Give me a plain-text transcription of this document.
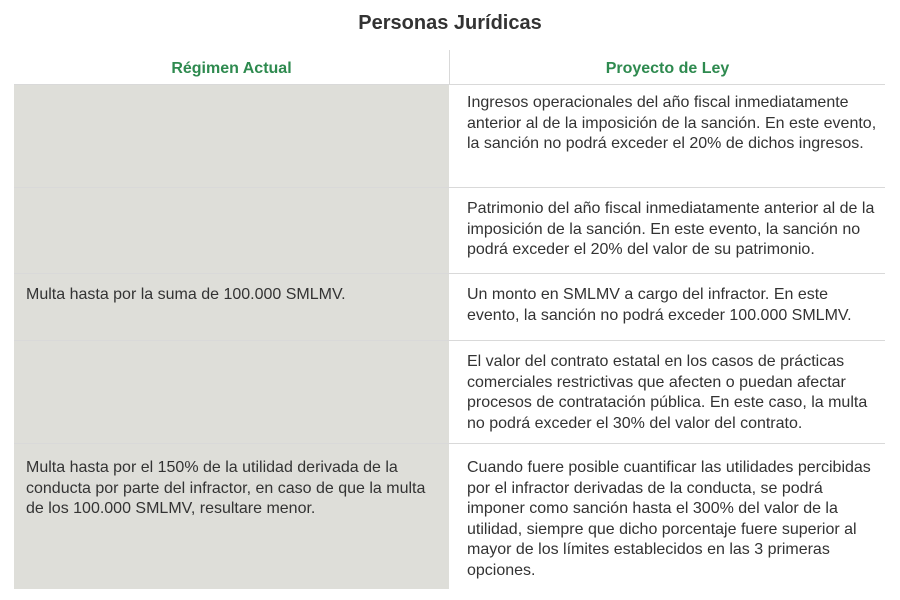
Personas Jurídicas
Régimen Actual	Proyecto de Ley
Ingresos operacionales del año fiscal inmediatamente anterior al de la imposición de la sanción. En este evento, la sanción no podrá exceder el 20% de dichos ingresos.
Patrimonio del año fiscal inmediatamente anterior al de la imposición de la sanción. En este evento, la sanción no podrá exceder el 20% del valor de su patrimonio.
Multa hasta por la suma de 100.000 SMLMV.	Un monto en SMLMV a cargo del infractor. En este evento, la sanción no podrá exceder 100.000 SMLMV.
El valor del contrato estatal en los casos de prácticas comerciales restrictivas que afecten o puedan afectar procesos de contratación pública. En este caso, la multa no podrá exceder el 30% del valor del contrato.
Multa hasta por el 150% de la utilidad derivada de la conducta por parte del infractor, en caso de que la multa de los 100.000 SMLMV, resultare menor.
Cuando fuere posible cuantificar las utilidades percibidas por el infractor derivadas de la conducta, se podrá imponer como sanción hasta el 300% del valor de la utilidad, siempre que dicho porcentaje fuere superior al mayor de los límites establecidos en las 3 primeras opciones.
